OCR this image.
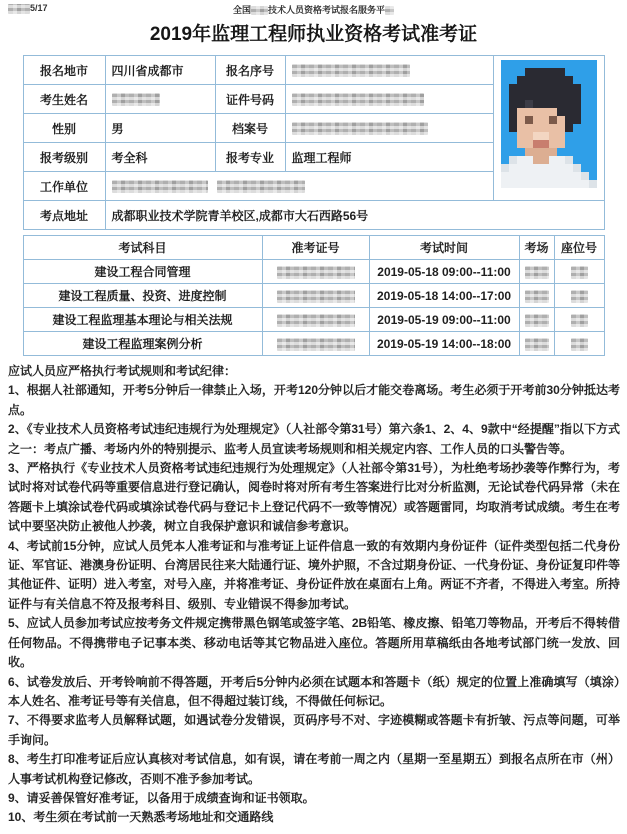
5/17	全国 技术人员资格考试报名服务平
2019年监理工程师执业资格考试准考证
报名地市	四川省成都市	报名序号		

考生姓名		证件号码		
性别	男	档案号		
报考级别	考全科	报考专业	监理工程师	
工作单位				
考点地址	成都职业技术学院青羊校区,成都市大石西路56号			
考试科目	准考证号	考试时间	考场	座位号
建设工程合同管理		2019-05-18 09:00--11:00		
建设工程质量、投资、进度控制		2019-05-18 14:00--17:00		
建设工程监理基本理论与相关法规		2019-05-19 09:00--11:00		
建设工程监理案例分析		2019-05-19 14:00--18:00		

应试人员应严格执行考试规则和考试纪律：

1、根据人社部通知，开考5分钟后一律禁止入场，开考120分钟以后才能交卷离场。考生必须于开考前30分钟抵达考点。

2、《专业技术人员资格考试违纪违规行为处理规定》（人社部令第31号）第六条1、2、4、9款中“经提醒”指以下方式之一：考点广播、考场内外的特别提示、监考人员宣读考场规则和相关规定内容、工作人员的口头警告等。

3、严格执行《专业技术人员资格考试违纪违规行为处理规定》（人社部令第31号），为杜绝考场抄袭等作弊行为，考试时将对试卷代码等重要信息进行登记确认，阅卷时将对所有考生答案进行比对分析监测，无论试卷代码异常（未在答题卡上填涂试卷代码或填涂试卷代码与登记卡上登记代码不一致等情况）或答题雷同，均取消考试成绩。考生在考试中要坚决防止被他人抄袭，树立自我保护意识和诚信参考意识。

4、考试前15分钟，应试人员凭本人准考证和与准考证上证件信息一致的有效期内身份证件（证件类型包括二代身份证、军官证、港澳身份证明、台湾居民往来大陆通行证、境外护照，不含过期身份证、一代身份证、身份证复印件等其他证件、证明）进入考室，对号入座，并将准考证、身份证件放在桌面右上角。两证不齐者，不得进入考室。所持证件与有关信息不符及报考科目、级别、专业错误不得参加考试。

5、应试人员参加考试应按考务文件规定携带黑色钢笔或签字笔、2B铅笔、橡皮擦、铅笔刀等物品，开考后不得转借任何物品。不得携带电子记事本类、移动电话等其它物品进入座位。答题所用草稿纸由各地考试部门统一发放、回收。

6、试卷发放后、开考铃响前不得答题，开考后5分钟内必须在试题本和答题卡（纸）规定的位置上准确填写（填涂）本人姓名、准考证号等有关信息，但不得超过装订线，不得做任何标记。

7、不得要求监考人员解释试题，如遇试卷分发错误，页码序号不对、字迹模糊或答题卡有折皱、污点等问题，可举手询问。

8、考生打印准考证后应认真核对考试信息，如有误，请在考前一周之内（星期一至星期五）到报名点所在市（州）人事考试机构登记修改，否则不准予参加考试。

9、请妥善保管好准考证，以备用于成绩查询和证书领取。

10、考生须在考试前一天熟悉考场地址和交通路线
